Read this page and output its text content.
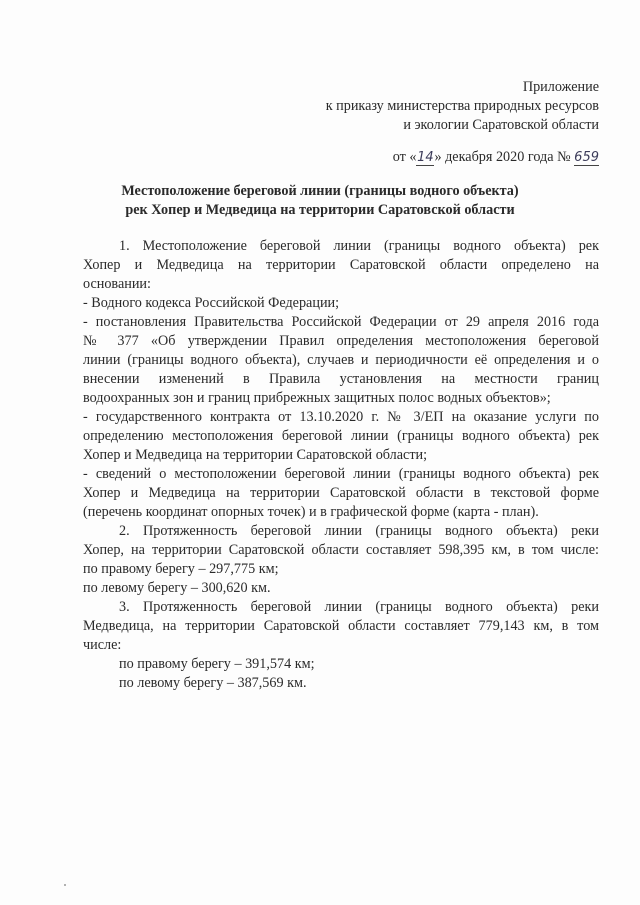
Приложение
к приказу министерства природных ресурсов
и экологии Саратовской области
от «14» декабря 2020 года № 659
Местоположение береговой линии (границы водного объекта)
рек Хопер и Медведица на территории Саратовской области
1. Местоположение береговой линии (границы водного объекта) рек
Хопер и Медведица на территории Саратовской области определено на
основании:
- Водного кодекса Российской Федерации;
- постановления Правительства Российской Федерации от 29 апреля 2016 года
№ 377 «Об утверждении Правил определения местоположения береговой
линии (границы водного объекта), случаев и периодичности её определения и о
внесении изменений в Правила установления на местности границ
водоохранных зон и границ прибрежных защитных полос водных объектов»;
- государственного контракта от 13.10.2020 г. № 3/ЕП на оказание услуги по
определению местоположения береговой линии (границы водного объекта) рек
Хопер и Медведица на территории Саратовской области;
- сведений о местоположении береговой линии (границы водного объекта) рек
Хопер и Медведица на территории Саратовской области в текстовой форме
(перечень координат опорных точек) и в графической форме (карта - план).
2. Протяженность береговой линии (границы водного объекта) реки
Хопер, на территории Саратовской области составляет 598,395 км, в том числе:
по правому берегу – 297,775 км;
по левому берегу – 300,620 км.
3. Протяженность береговой линии (границы водного объекта) реки
Медведица, на территории Саратовской области составляет 779,143 км, в том
числе:
по правому берегу – 391,574 км;
по левому берегу – 387,569 км.
